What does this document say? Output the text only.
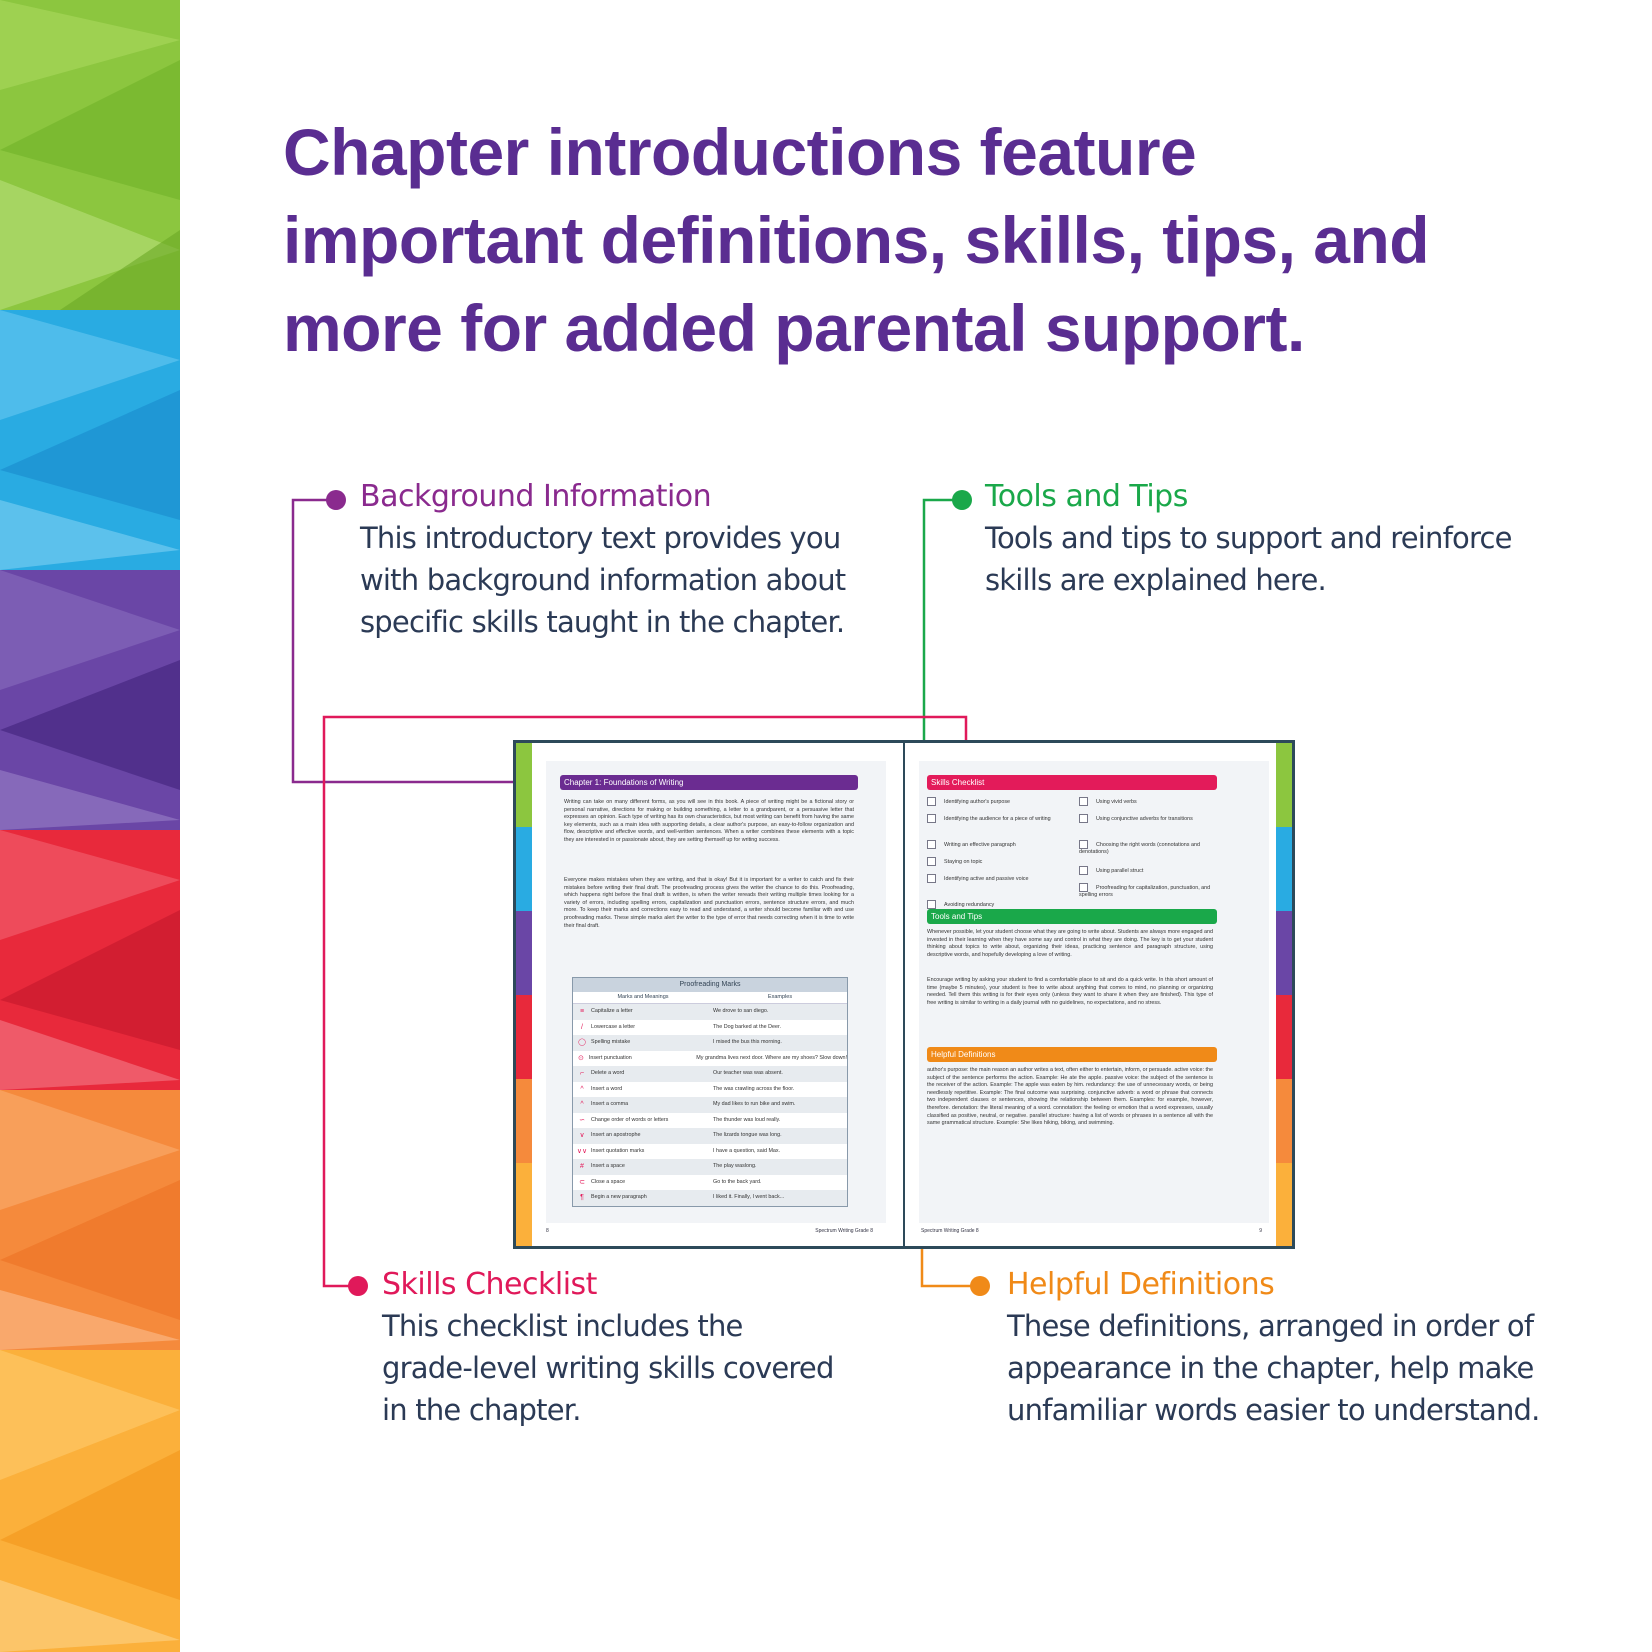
Chapter introductions feature
important definitions, skills, tips, and
more for added parental support.
Background Information
This introductory text provides you
with background information about
specific skills taught in the chapter.
Tools and Tips
Tools and tips to support and reinforce
skills are explained here.
Skills Checklist
This checklist includes the
grade-level writing skills covered
in the chapter.
Helpful Definitions
These definitions, arranged in order of
appearance in the chapter, help make
unfamiliar words easier to understand.
Chapter 1: Foundations of Writing
Writing can take on many different forms, as you will see in this book. A piece of writing might be a fictional story or personal narrative, directions for making or building something, a letter to a grandparent, or a persuasive letter that expresses an opinion. Each type of writing has its own characteristics, but most writing can benefit from having the same key elements, such as a main idea with supporting details, a clear author's purpose, an easy-to-follow organization and flow, descriptive and effective words, and well-written sentences. When a writer combines these elements with a topic they are interested in or passionate about, they are setting themself up for writing success.
Everyone makes mistakes when they are writing, and that is okay! But it is important for a writer to catch and fix their mistakes before writing their final draft. The proofreading process gives the writer the chance to do this. Proofreading, which happens right before the final draft is written, is when the writer rereads their writing multiple times looking for a variety of errors, including spelling errors, capitalization and punctuation errors, sentence structure errors, and much more. To keep their marks and corrections easy to read and understand, a writer should become familiar with and use proofreading marks. These simple marks alert the writer to the type of error that needs correcting when it is time to write their final draft.
Proofreading Marks
Marks and Meanings	Examples
≡	Capitalize a letter	We drove to san diego.
/	Lowercase a letter	The Dog barked at the Deer.
◯ Spelling mistake	I mised the bus this morning.
⊙ Insert punctuation	My grandma lives next door. Where are my shoes? Slow down!
⌐	Delete a word	Our teacher was was absent.
^	Insert a word	The was crawling across the floor.
^	Insert a comma	My dad likes to run bike and swim.
∽	Change order of words or letters	The thunder was loud really.
∨	Insert an apostrophe	The lizards tongue was long.
∨∨ Insert quotation marks	I have a question, said Max.
#	Insert a space	The play waslong.
⊂	Close a space	Go to the back yard.
¶	Begin a new paragraph	I liked it. Finally, I went back...
8	Spectrum Writing Grade 8
Skills Checklist
Identifying author's purpose
Identifying the audience for a piece of writing
Writing an effective paragraph
Staying on topic
Identifying active and passive voice
Avoiding redundancy
Using vivid verbs
Using conjunctive adverbs for transitions
Choosing the right words (connotations and denotations)
Using parallel struct
Proofreading for capitalization, punctuation, and spelling errors
Tools and Tips
Whenever possible, let your student choose what they are going to write about. Students are always more engaged and invested in their learning when they have some say and control in what they are doing. The key is to get your student thinking about topics to write about, organizing their ideas, practicing sentence and paragraph structure, using descriptive words, and hopefully developing a love of writing.
Encourage writing by asking your student to find a comfortable place to sit and do a quick write. In this short amount of time (maybe 5 minutes), your student is free to write about anything that comes to mind, no planning or organizing needed. Tell them this writing is for their eyes only (unless they want to share it when they are finished). This type of free writing is similar to writing in a daily journal with no guidelines, no expectations, and no stress.
Helpful Definitions
author's purpose: the main reason an author writes a text, often either to entertain, inform, or persuade. active voice: the subject of the sentence performs the action. Example: He ate the apple. passive voice: the subject of the sentence is the receiver of the action. Example: The apple was eaten by him. redundancy: the use of unnecessary words, or being needlessly repetitive. Example: The final outcome was surprising. conjunctive adverb: a word or phrase that connects two independent clauses or sentences, showing the relationship between them. Examples: for example, however, therefore. denotation: the literal meaning of a word. connotation: the feeling or emotion that a word expresses, usually classified as positive, neutral, or negative. parallel structure: having a list of words or phrases in a sentence all with the same grammatical structure. Example: She likes hiking, biking, and swimming.
Spectrum Writing Grade 8	9
